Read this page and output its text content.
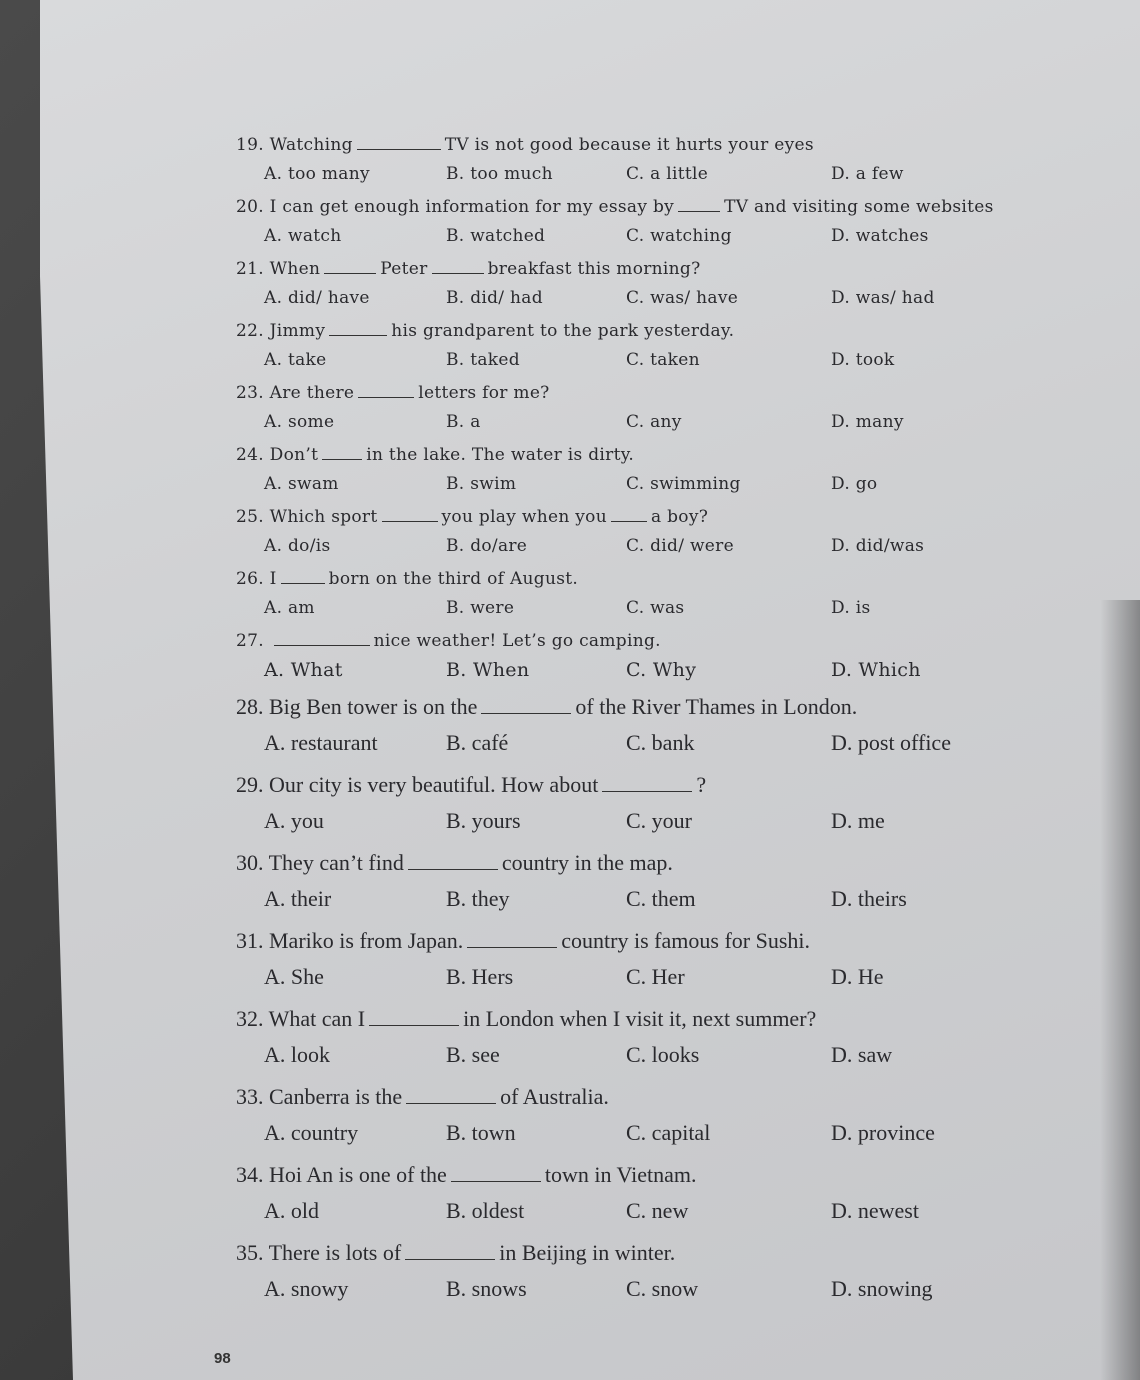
19. Watching	TV is not good because it hurts your eyes
A. too many	B. too much	C. a little	D. a few
20. I can get enough information for my essay by	TV and visiting some websites
A. watch	B. watched	C. watching	D. watches
21. When	Peter	breakfast this morning?
A. did/ have	B. did/ had	C. was/ have	D. was/ had
22. Jimmy	his grandparent to the park yesterday.
A. take	B. taked	C. taken	D. took
23. Are there	letters for me?
A. some	B. a	C. any	D. many
24. Don’t	in the lake. The water is dirty.
A. swam	B. swim	C. swimming	D. go
25. Which sport	you play when you	a boy?
A. do/is	B. do/are	C. did/ were	D. did/was
26. I	born on the third of August.
A. am	B. were	C. was	D. is
27.	nice weather! Let’s go camping.
A. What	B. When	C. Why	D. Which
28. Big Ben tower is on the	of the River Thames in London.
A. restaurant	B. café	C. bank	D. post office
29. Our city is very beautiful. How about	?
A. you	B. yours	C. your	D. me
30. They can’t find	country in the map.
A. their	B. they	C. them	D. theirs
31. Mariko is from Japan.	country is famous for Sushi.
A. She	B. Hers	C. Her	D. He
32. What can I	in London when I visit it, next summer?
A. look	B. see	C. looks	D. saw
33. Canberra is the	of Australia.
A. country	B. town	C. capital	D. province
34. Hoi An is one of the	town in Vietnam.
A. old	B. oldest	C. new	D. newest
35. There is lots of	in Beijing in winter.
A. snowy	B. snows	C. snow	D. snowing
98
